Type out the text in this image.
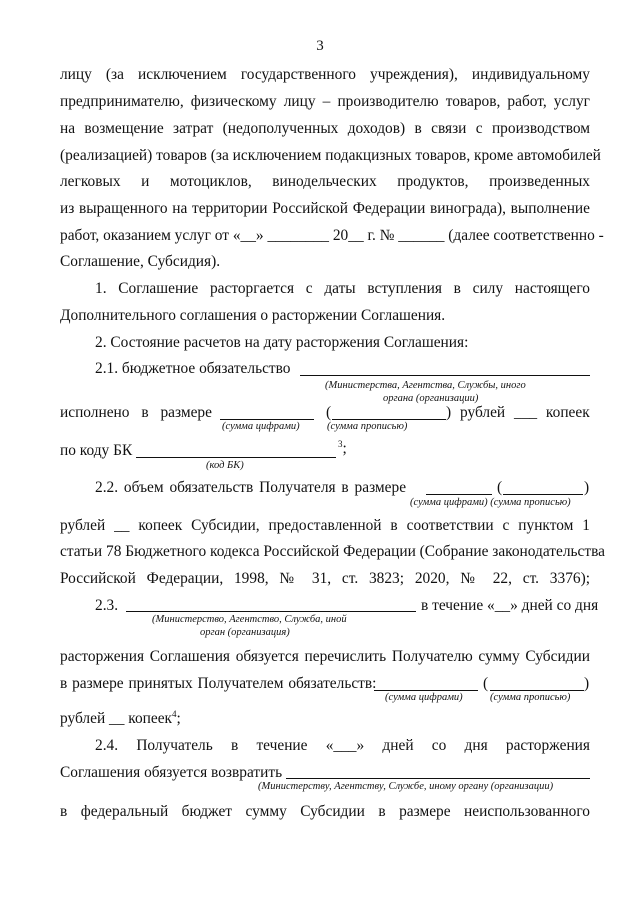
3
лицу (за исключением государственного учреждения), индивидуальному
предпринимателю, физическому лицу – производителю товаров, работ, услуг
на возмещение затрат (недополученных доходов) в связи с производством
(реализацией) товаров (за исключением подакцизных товаров, кроме автомобилей
легковых и мотоциклов, винодельческих продуктов, произведенных
из выращенного на территории Российской Федерации винограда), выполнение
работ, оказанием услуг от «__» ________ 20__ г. № ______ (далее соответственно -
Соглашение, Субсидия).
1. Соглашение расторгается с даты вступления в силу настоящего
Дополнительного соглашения о расторжении Соглашения.
2. Состояние расчетов на дату расторжения Соглашения:
2.1. бюджетное обязательство
(Министерства, Агентства, Службы, иного
органа (организации)
исполнено в размере	(	) рублей ___ копеек
(сумма цифрами)	(сумма прописью)
по коду БК	$^3$;
(код БК)
2.2. объем обязательств Получателя в размере	(	)
(сумма цифрами) (сумма прописью)
рублей __ копеек Субсидии, предоставленной в соответствии с пунктом 1
статьи 78 Бюджетного кодекса Российской Федерации (Собрание законодательства
Российской Федерации, 1998, № 31, ст. 3823; 2020, № 22, ст. 3376);
2.3.	в течение «__» дней со дня
(Министерство, Агентство, Служба, иной
орган (организация)
расторжения Соглашения обязуется перечислить Получателю сумму Субсидии
в размере принятых Получателем обязательств:	(	)
(сумма цифрами)	(сумма прописью)
рублей __ копеек$^4$;
2.4. Получатель в течение «___» дней со дня расторжения
Соглашения обязуется возвратить
(Министерству, Агентству, Службе, иному органу (организации)
в федеральный бюджет сумму Субсидии в размере неиспользованного
